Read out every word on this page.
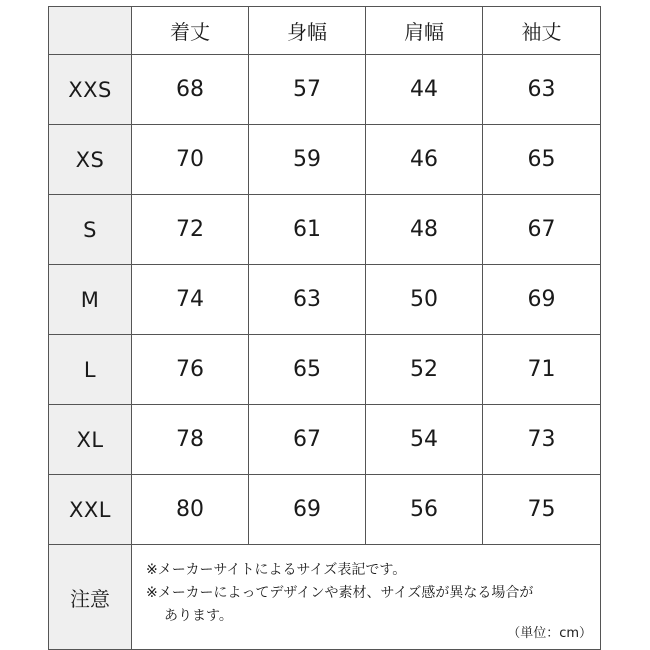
	着丈	身幅	肩幅	袖丈
XXS	68	57	44	63
XS	70	59	46	65
S	72	61	48	67
M	74	63	50	69
L	76	65	52	71
XL	78	67	54	73
XXL	80	69	56	75
注意	※メーカーサイトによるサイズ表記です。
※メーカーによってデザインや素材、サイズ感が異なる場合が
あります。
（単位：cm）			
